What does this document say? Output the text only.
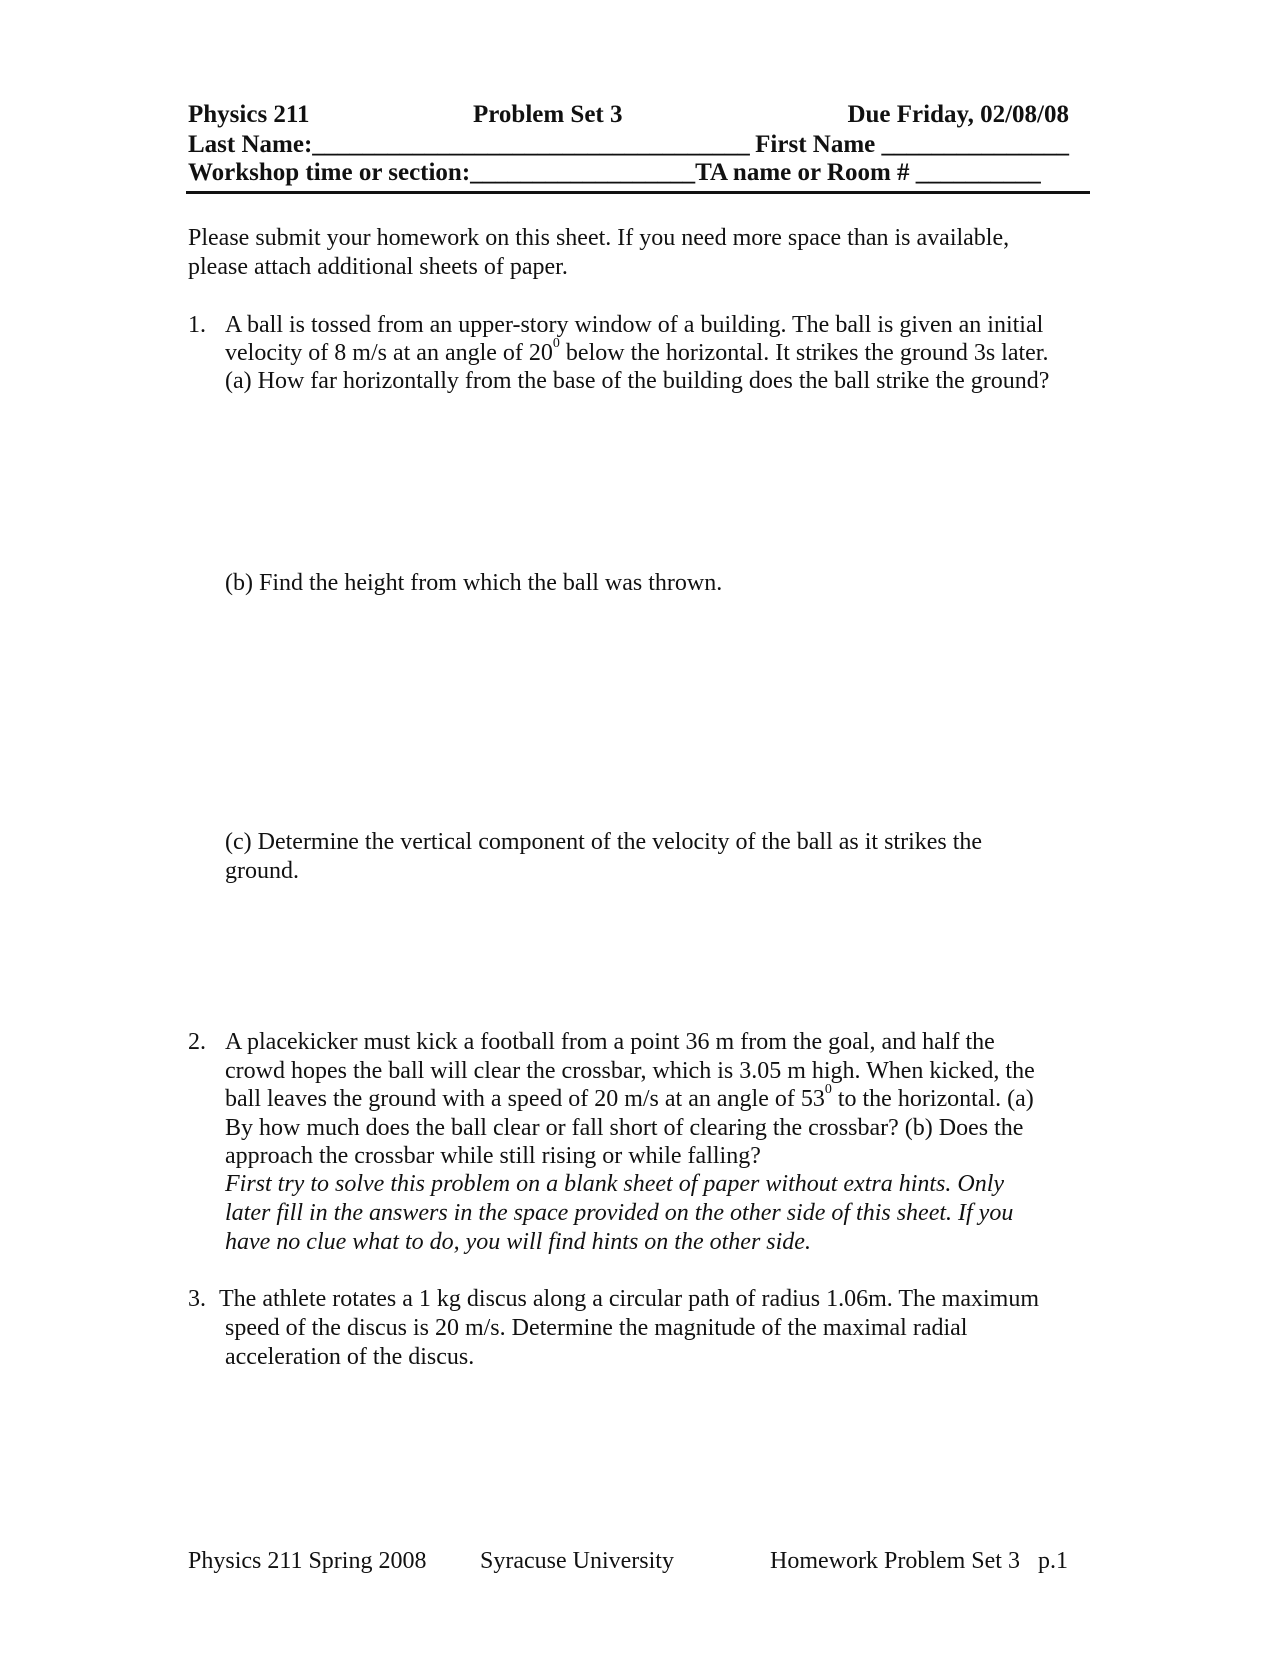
Physics 211	Problem Set 3	Due Friday, 02/08/08
Last Name:___________________________________ First Name _______________
Workshop time or section:__________________TA name or Room # __________
Please submit your homework on this sheet. If you need more space than is available,
please attach additional sheets of paper.
1. A ball is tossed from an upper-story window of a building. The ball is given an initial
velocity of 8 m/s at an angle of $20^0$ below the horizontal. It strikes the ground 3s later.
(a) How far horizontally from the base of the building does the ball strike the ground?
(b) Find the height from which the ball was thrown.
(c) Determine the vertical component of the velocity of the ball as it strikes the
ground.
2. A placekicker must kick a football from a point 36 m from the goal, and half the
crowd hopes the ball will clear the crossbar, which is 3.05 m high. When kicked, the
ball leaves the ground with a speed of 20 m/s at an angle of $53^0$ to the horizontal. (a)
By how much does the ball clear or fall short of clearing the crossbar? (b) Does the
approach the crossbar while still rising or while falling?
First try to solve this problem on a blank sheet of paper without extra hints. Only
later fill in the answers in the space provided on the other side of this sheet. If you
have no clue what to do, you will find hints on the other side.
3. The athlete rotates a 1 kg discus along a circular path of radius 1.06m. The maximum
speed of the discus is 20 m/s. Determine the magnitude of the maximal radial
acceleration of the discus.
Physics 211 Spring 2008 Syracuse University	Homework Problem Set 3   p.1
